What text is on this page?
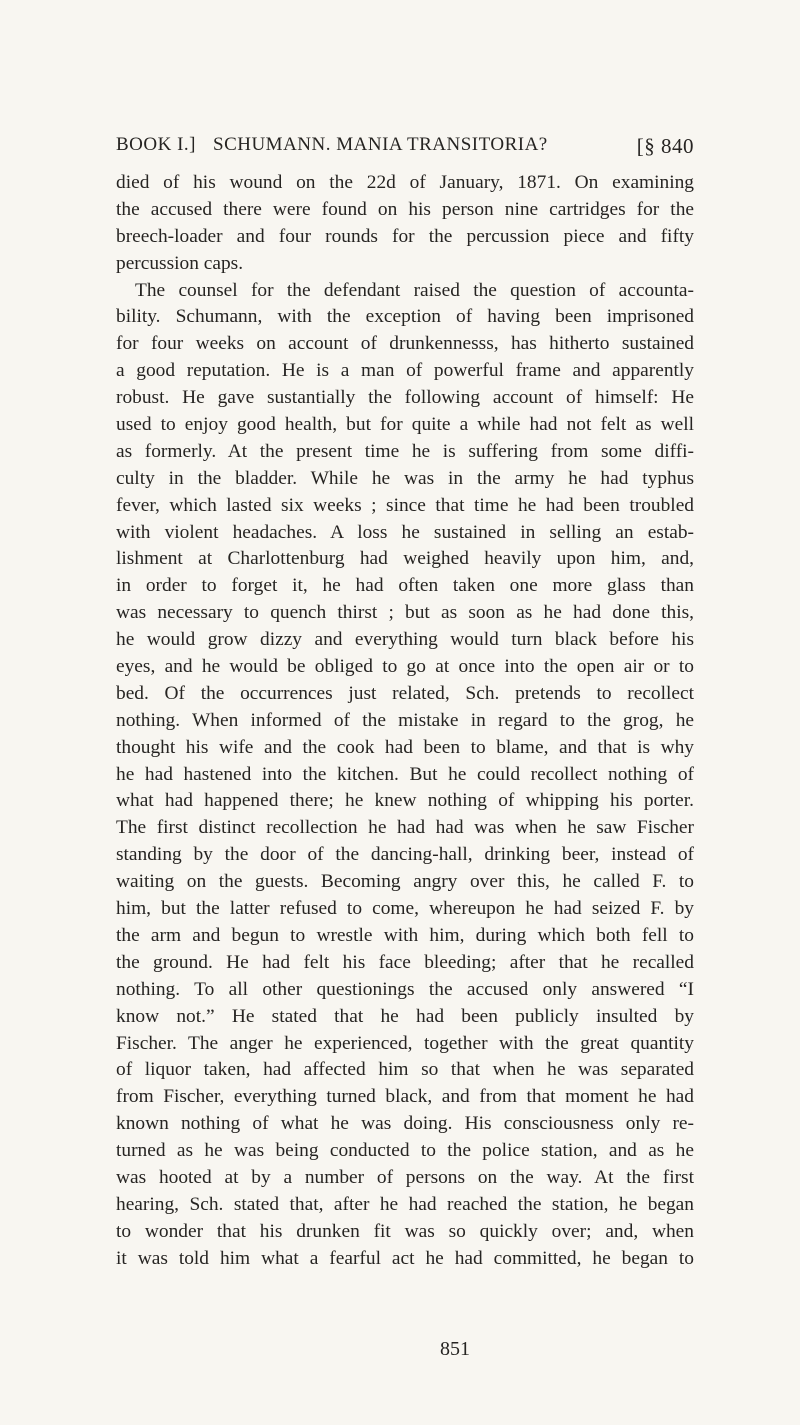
BOOK I.] SCHUMANN. MANIA TRANSITORIA?	[§ 840
died of his wound on the 22d of January, 1871. On examining
the accused there were found on his person nine cartridges for the
breech-loader and four rounds for the percussion piece and fifty
percussion caps.
The counsel for the defendant raised the question of accounta-
bility. Schumann, with the exception of having been imprisoned
for four weeks on account of drunkennesss, has hitherto sustained
a good reputation. He is a man of powerful frame and apparently
robust. He gave sustantially the following account of himself: He
used to enjoy good health, but for quite a while had not felt as well
as formerly. At the present time he is suffering from some diffi-
culty in the bladder. While he was in the army he had typhus
fever, which lasted six weeks ; since that time he had been troubled
with violent headaches. A loss he sustained in selling an estab-
lishment at Charlottenburg had weighed heavily upon him, and,
in order to forget it, he had often taken one more glass than
was necessary to quench thirst ; but as soon as he had done this,
he would grow dizzy and everything would turn black before his
eyes, and he would be obliged to go at once into the open air or to
bed. Of the occurrences just related, Sch. pretends to recollect
nothing. When informed of the mistake in regard to the grog, he
thought his wife and the cook had been to blame, and that is why
he had hastened into the kitchen. But he could recollect nothing of
what had happened there; he knew nothing of whipping his porter.
The first distinct recollection he had had was when he saw Fischer
standing by the door of the dancing-hall, drinking beer, instead of
waiting on the guests. Becoming angry over this, he called F. to
him, but the latter refused to come, whereupon he had seized F. by
the arm and begun to wrestle with him, during which both fell to
the ground. He had felt his face bleeding; after that he recalled
nothing. To all other questionings the accused only answered “I
know not.” He stated that he had been publicly insulted by
Fischer. The anger he experienced, together with the great quantity
of liquor taken, had affected him so that when he was separated
from Fischer, everything turned black, and from that moment he had
known nothing of what he was doing. His consciousness only re-
turned as he was being conducted to the police station, and as he
was hooted at by a number of persons on the way. At the first
hearing, Sch. stated that, after he had reached the station, he began
to wonder that his drunken fit was so quickly over; and, when
it was told him what a fearful act he had committed, he began to
851
